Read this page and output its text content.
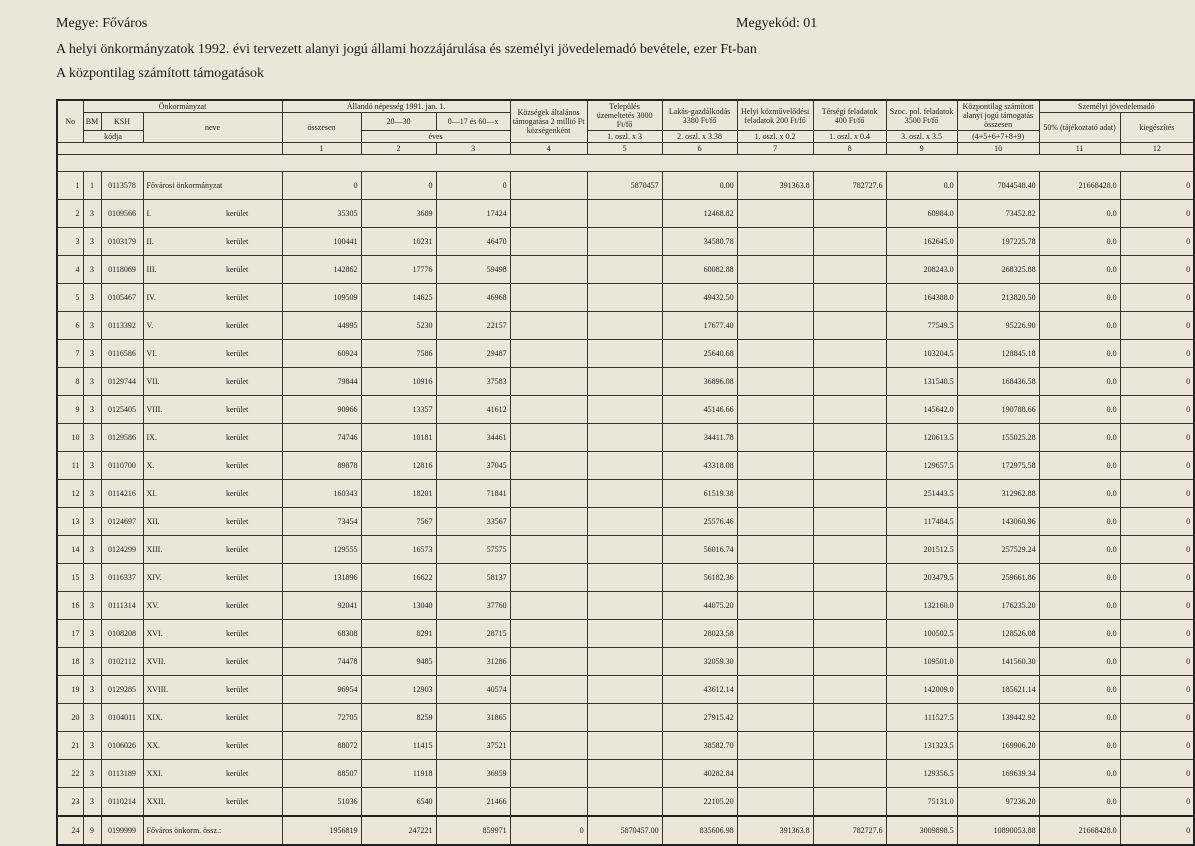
Megye: Főváros	Megyekód: 01
A helyi önkormányzatok 1992. évi tervezett alanyi jogú állami hozzájárulása és személyi jövedelemadó bevétele, ezer Ft-ban
A központilag számított támogatások
No	Önkormányzat				Állandó népesség 1991. jan. 1.			Községek általános támogatása 2 millió Ft községenként	Település üzemeltetés 3000 Ft/fő	Lakás-gazdálkodás 3380 Ft/fő	Helyi közművelődési feladatok 200 Ft/fő	Térségi feladatok 400 Ft/fő	Szoc. pol. feladatok 3500 Ft/fő	Központilag számított alanyi jogú támogatás összesen	Személyi jövedelemadó	
	BM	KSH	neve		összesen	20—30	0—17 és 60—x								50% (tájékoztató adat)	kiegészítés
	kódja					éves			1. oszl. x 3	2. oszl. x 3.38	1. oszl. x 0.2	1. oszl. x 0.4	3. oszl. x 3.5	(4+5+6+7+8+9)		
					1	2	3	4	5	6	7	8	9	10	11	12

1	1	0113578	Fővárosi önkormányzat		0	0	0		5870457	0.00	391363.8	782727.6	0.0	7044548.40	21668428.0	0
2	3	0109566	I.	kerület	35305	3689	17424			12468.82			60984.0	73452.82	0.0	0
3	3	0103179	II.	kerület	100441	10231	46470			34580.78			162645.0	197225.78	0.0	0
4	3	0118069	III.	kerület	142862	17776	59498			60082.88			208243.0	268325.88	0.0	0
5	3	0105467	IV.	kerület	109509	14625	46968			49432.50			164388.0	213820.50	0.0	0
6	3	0113392	V.	kerület	44995	5230	22157			17677.40			77549.5	95226.90	0.0	0
7	3	0116586	VI.	kerület	60924	7586	29487			25640.68			103204.5	128845.18	0.0	0
8	3	0129744	VII.	kerület	79844	10916	37583			36896.08			131540.5	168436.58	0.0	0
9	3	0125405	VIII.	kerület	90966	13357	41612			45146.66			145642.0	190788.66	0.0	0
10	3	0129586	IX.	kerület	74746	10181	34461			34411.78			120613.5	155025.28	0.0	0
11	3	0110700	X.	kerület	89878	12816	37045			43318.08			129657.5	172975.58	0.0	0
12	3	0114216	XI.	kerület	160343	18201	71841			61519.38			251443.5	312962.88	0.0	0
13	3	0124697	XII.	kerület	73454	7567	33567			25576.46			117484.5	143060.96	0.0	0
14	3	0124299	XIII.	kerület	129555	16573	57575			56016.74			201512.5	257529.24	0.0	0
15	3	0116337	XIV.	kerület	131896	16622	58137			56182.36			203479.5	259661.86	0.0	0
16	3	0111314	XV.	kerület	92041	13040	37760			44075.20			132160.0	176235.20	0.0	0
17	3	0108208	XVI.	kerület	68308	8291	28715			28023.58			100502.5	128526.08	0.0	0
18	3	0102112	XVII.	kerület	74478	9485	31286			32059.30			109501.0	141560.30	0.0	0
19	3	0129285	XVIII.	kerület	96954	12903	40574			43612.14			142009.0	185621.14	0.0	0
20	3	0104011	XIX.	kerület	72705	8259	31865			27915.42			111527.5	139442.92	0.0	0
21	3	0106026	XX.	kerület	88072	11415	37521			38582.70			131323.5	169906.20	0.0	0
22	3	0113189	XXI.	kerület	88507	11918	36959			40282.84			129356.5	169639.34	0.0	0
23	3	0110214	XXII.	kerület	51036	6540	21466			22105.20			75131.0	97236.20	0.0	0
24	9	0199999	Főváros önkorm. össz.:		1956819	247221	859971	0	5870457.00	835606.98	391363.8	782727.6	3009898.5	10890053.88	21668428.0	0
